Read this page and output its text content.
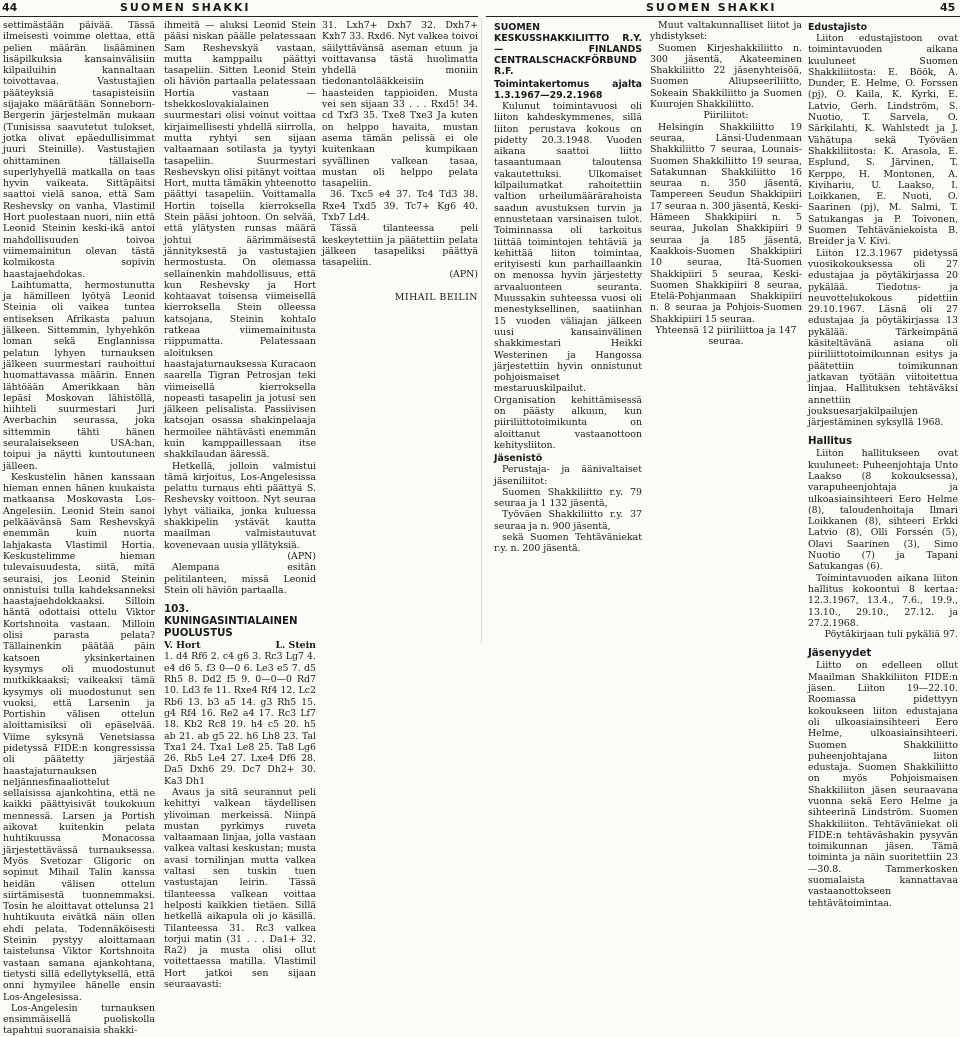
44	SUOMEN SHAKKI	SUOMEN SHAKKI	45

settimästään päivää. Tässä ilmeisesti voimme olettaa, että pelien määrän lisääminen lisäpilkuksia kansainvälisiin kilpailuihin kannaltaan toivottavaa. Vastustajien pääteyksiä tasapisteisiin sijajako määrätään Sonneborn-Bergerin järjestelmän mukaan (Tunisissa saavutetut tulokset, jotka olivat epäedullisimmat juuri Steinille). Vastustajien ohittaminen tällaisella superlyhyellä matkalla on taas hyvin vaikeata. Sittäpäitsi saattoi vielä sanoa, että Sam Reshevsky on vanha, Vlastimil Hort puolestaan nuori, niin että Leonid Steinin keski-ikä antoi mahdollisuuden toivoa viimemainitun olevan tästä kolmikosta sopivin haastajaehdokas.

Laihtumatta, hermostunutta ja hämilleen lyötyä Leonid Steinia oli vaikea tuntea entiseksen Afrikasta paluun jälkeen. Sittemmin, lyhyehkön loman sekä Englannissa pelatun lyhyen turnauksen jälkeen suurmestari rauhoittui huomattavassa määrin. Ennen lähtöään Amerikkaan hän lepäsi Moskovan lähistöllä, hiihteli suurmestari Juri Averbachin seurassa, joka sittemmin tähti hänen seuralaisekseen USA:han, toipui ja näytti kuntoutuneen jälleen.

Keskustelin hänen kanssaan hieman ennen hänen kuukaista matkaansa Moskovasta Los-Angelesiin. Leonid Stein sanoi pelkäävänsä Sam Reshevskyä enemmän kuin nuorta lahjakasta Vlastimil Hortia. Keskustelimme hieman tulevaisuudesta, siitä, mitä seuraisi, jos Leonid Steinin onnistuisi tulla kahdeksanneksi haastajaehdokkaaksi. Silloin häntä odottaisi ottelu Viktor Kortshnoita vastaan. Milloin olisi parasta pelata? Tällainenkin päätää päin katsoen yksinkertainen kysymys oli muodostunut mutkikkaaksi; vaikeaksi tämä kysymys oli muodostunut sen vuoksi, että Larsenin ja Portishin välisen ottelun aloittamisiksi oli epäselvää. Viime syksynä Venetsiassa pidetyssä FIDE:n kongressissa oli päätetty järjestää haastajaturnauksen neljännesfinaaliottelut sellaisissa ajankohtina, että ne kaikki päättyisivät toukokuun mennessä. Larsen ja Portish aikovat kuitenkin pelata huhtikuussa Monacossa järjestettävässä turnauksessa. Myös Svetozar Gligoric on sopinut Mihail Talin kanssa heidän välisen ottelun siirtämisestä tuonnemmaksi. Tosin he aloittavat ottelunsa 21 huhtikuuta eivätkä näin ollen ehdi pelata. Todennäköisesti Steinin pystyy aloittamaan taistelunsa Viktor Kortshnoita vastaan samana ajankohtana, tietysti sillä edellytyksellä, että onni hymyilee hänelle ensin Los-Angelesissa.

Los-Angelesin turnauksen ensimmäisellä puoliskolla tapahtui suoranaisia shakki-

ihmeitä — aluksi Leonid Stein pääsi niskan päälle pelatessaan Sam Reshevskyä vastaan, mutta kamppailu päättyi tasapeliin. Sitten Leonid Stein oli häviön partaalla pelatessaan Hortia vastaan — tshekkoslovakialainen suurmestari olisi voinut voittaa kirjaimellisesti yhdellä siirrolla, mutta ryhtyi sen sijaan valtaamaan sotilasta ja tyytyi tasapeliin. Suurmestari Reshevskyn olisi pitänyt voittaa Hort, mutta tämäkin yhteenotto päättyi tasapeliin. Voittamalla Hortin toisella kierroksella Stein pääsi johtoon. On selvää, että ylätysten runsas määrä johtui äärimmäisestä jännityksestä ja vastustajien hermostusta. On olemassa sellainenkin mahdollisuus, että kun Reshevsky ja Hort kohtaavat toisensa viimeisellä kierroksella Stein olleessa katsojana, Steinin kohtalo ratkeaa viimemainitusta riippumatta. Pelatessaan aloituksen haastajaturnauksessa Kuracaon saarella Tigran Petrosjan teki viimeisellä kierroksella nopeasti tasapelin ja jotusi sen jälkeen pelisalista. Passiivisen katsojan osassa shakinpelaaja hermoilee nähtävästi enemmän kuin kamppaillessaan itse shakkilaudan ääressä.

Hetkellä, jolloin valmistui tämä kirjoitus, Los-Angelesissa pelattu turnaus ehti päättyä S. Reshevsky voittoon. Nyt seuraa lyhyt väliaika, jonka kuluessa shakkipelin ystävät kautta maailman valmistautuvat kovenevaan uusia yllätyksiä.

(APN)

Alempana esitän pelitilanteen, missä Leonid Stein oli häviön partaalla.

103. KUNINGASINTIALAINEN PUOLUSTUS

V. Hort	L. Stein

1. d4 Rf6 2. c4 g6 3. Rc3 Lg7 4. e4 d6 5. f3 0—0 6. Le3 e5 7. d5 Rh5 8. Dd2 f5 9. 0—0—0 Rd7 10. Ld3 fe 11. Rxe4 Rf4 12. Lc2 Rb6 13. b3 a5 14. g3 Rh5 15. g4 Rf4 16. Re2 a4 17. Rc3 Lf7 18. Kb2 Rc8 19. h4 c5 20. h5 ab 21. ab g5 22. h6 Lh8 23. Tal Txa1 24. Txa1 Le8 25. Ta8 Lg6 26. Rb5 Le4 27. Lxe4 Df6 28. Da5 Dxh6 29. Dc7 Dh2+ 30. Ka3 Dh1

Avaus ja sitä seurannut peli kehittyi valkean täydellisen ylivoiman merkeissä. Niinpä mustan pyrkimys ruveta valtaamaan linjaa, jolla vastaan valkea valtasi keskustan; musta avasi tornilinjan mutta valkea valtasi sen tuskin tuen vastustajan leirin. Tässä tilanteessa valkean voittaa helposti kaikkien tietäen. Sillä hetkellä aikapula oli jo käsillä. Tilanteessa 31. Rc3 valkea torjui matin (31 . . . Da1+ 32. Ra2) ja musta olisi ollut voitettaessa matilla. Vlastimil Hort jatkoi sen sijaan seuraavasti:

31. Lxh7+ Dxh7 32. Dxh7+ Kxh7 33. Rxd6. Nyt valkea toivoi säilyttävänsä aseman etuun ja voittavansa tästä huolimatta yhdellä moniin tiedonantolääkkeisiin haasteiden tappioiden. Musta vei sen sijaan 33 . . . Rxd5! 34. cd Txf3 35. Txe8 Txe3 Ja kuten on helppo havaita, mustan asema tämän pelissä ei ole kuitenkaan kumpikaan syvällinen valkean tasaa, mustan oli helppo pelata tasapeliin.

36. Txc5 e4 37. Tc4 Td3 38. Rxe4 Txd5 39. Tc7+ Kg6 40. Txb7 Ld4.

Tässä tilanteessa peli keskeytettiin ja päätettiin pelata jälkeen tasapeliksi päättyä tasapeliin.

(APN)

MIHAIL BEILIN

SUOMEN KESKUSSHAKKILIITTO R.Y. — FINLANDS CENTRALSCHACKFÖRBUND R.F.

Toimintakertomus ajalta 1.3.1967—29.2.1968

Kulunut toimintavuosi oli liiton kahdeskymmenes, sillä liiton perustava kokous on pidetty 20.3.1948. Vuoden aikana saattoi liitto tasaantumaan taloutensa vakautettuksi. Ulkomaiset kilpailumatkat rahoitettiin valtion urheilumäärärahoista saadun avustuksen turvin ja ennustetaan varsinaisen tulot. Toiminnassa oli tarkoitus liittää toimintojen tehtäviä ja kehittää liiton toimintaa, erityisesti kun parhaillaankin on menossa hyvin järjestetty arvaaluonteen seuranta. Muussakin suhteessa vuosi oli menestyksellinen, saatiinhan 15 vuoden väliajan jälkeen uusi kansainvälinen shakkimestari Heikki Westerinen ja Hangossa järjestettiin hyvin onnistunut pohjoismaiset mestaruuskilpailut. Organisation kehittämisessä on päästy alkuun, kun piiriliittotoimikunta on aloittanut vastaanottoon kehitysliiton.

Jäsenistö

Perustaja- ja äänivaltaiset jäseniliitot:

Suomen Shakkiliitto r.y. 79 seuraa ja 1 132 jäsentä,

Työväen Shakkiliitto r.y. 37 seuraa ja n. 900 jäsentä,

sekä Suomen Tehtäväniekat r.y. n. 200 jäsentä.

Muut valtakunnalliset liitot ja yhdistykset:

Suomen Kirjeshakkiliitto n. 300 jäsentä, Akateeminen Shakkiliitto 22 jäsenyhteisöä, Suomen Aliupseeriliitto, Sokeain Shakkiliitto ja Suomen Kuurojen Shakkiliitto.

Piiriliitot:

Helsingin Shakkiliitto 19 seuraa, Länsi-Uudenmaan Shakkiliitto 7 seuraa, Lounais-Suomen Shakkiliitto 19 seuraa, Satakunnan Shakkiliitto 16 seuraa n. 350 jäsentä, Tampereen Seudun Shakkipiiri 17 seuraa n. 300 jäsentä, Keski-Hämeen Shakkipiiri n. 5 seuraa, Jukolan Shakkipiiri 9 seuraa ja 185 jäsentä, Kaakkois-Suomen Shakkipiiri 10 seuraa, Itä-Suomen Shakkipiiri 5 seuraa, Keski-Suomen Shakkipiiri 8 seuraa, Etelä-Pohjanmaan Shakkipiiri n. 8 seuraa ja Pohjois-Suomen Shakkipiiri 15 seuraa.

Yhteensä 12 piiriliittoa ja 147 seuraa.

Edustajisto

Liiton edustajistoon ovat toimintavuoden aikana kuuluneet Suomen Shakkiliitosta: E. Böök, A. Dunder, E. Helme, O. Forssen (pj), O. Kaila, K. Kyrki, E. Latvio, Gerh. Lindström, S. Nuotio, T. Sarvela, O. Särkilahti, K. Wahlstedt ja J. Vähätupa sekä Työväen Shakkiliitosta: K. Arasola, E. Esplund, S. Järvinen, T. Kerppo, H. Montonen, A. Kivihariu, U. Laakso, I. Loikkanen, E. Nuoti, O. Saarinen (pj), M. Salmi, T. Satukangas ja P. Toivonen, Suomen Tehtäväniekoista B. Breider ja V. Kivi.

Liiton 12.3.1967 pidetyssä vuosikokouksessa oli 27 edustajaa ja pöytäkirjassa 20 pykälää. Tiedotus- ja neuvottelukokous pidettiin 29.10.1967. Läsnä oli 27 edustajaa ja pöytäkirjassa 13 pykälää. Tärkeimpänä käsiteltävänä asiana oli piiriliittotoimikunnan esitys ja päätettiin toimikunnan jatkavan työtään viitoitettua linjaa. Hallituksen tehtäväksi annettiin jouksuesarjakilpailujen järjestäminen syksyllä 1968.

Hallitus

Liiton hallitukseen ovat kuuluneet: Puheenjohtaja Unto Laakso (8 kokouksessa), varapuheenjohtaja ja ulkoasiainsihteeri Eero Helme (8), taloudenhoitaja Ilmari Loikkanen (8), sihteeri Erkki Latvio (8), Olli Forssén (5), Olavi Saarinen (3), Simo Nuotio (7) ja Tapani Satukangas (6).

Toimintavuoden aikana liiton hallitus kokoontui 8 kertaa: 12.3.1967, 13.4., 7.6., 19.9., 13.10., 29.10., 27.12. ja 27.2.1968.

Pöytäkirjaan tuli pykäliä 97.

Jäsenyydet

Liitto on edelleen ollut Maailman Shakkiliiton FIDE:n jäsen. Liiton 19—22.10. Roomassa pidettyyn kokoukseen liiton edustajana oli ulkoasiainsihteeri Eero Helme, ulkoasiainsihteeri. Suomen Shakkiliitto puheenjohtajana liiton edustaja. Suomen Shakkiliitto on myös Pohjoismaisen Shakkiliiton jäsen seuraavana vuonna sekä Eero Helme ja sihteerinä Lindström. Suomen Shakkiliiton. Tehtäväniekat oli FIDE:n tehtäväshakin pysyvän toimikunnan jäsen. Tämä toiminta ja näin suoritettiin 23—30.8. Tammerkosken suomalaista kannattavaa vastaanottokseen tehtävätoimintaa.
